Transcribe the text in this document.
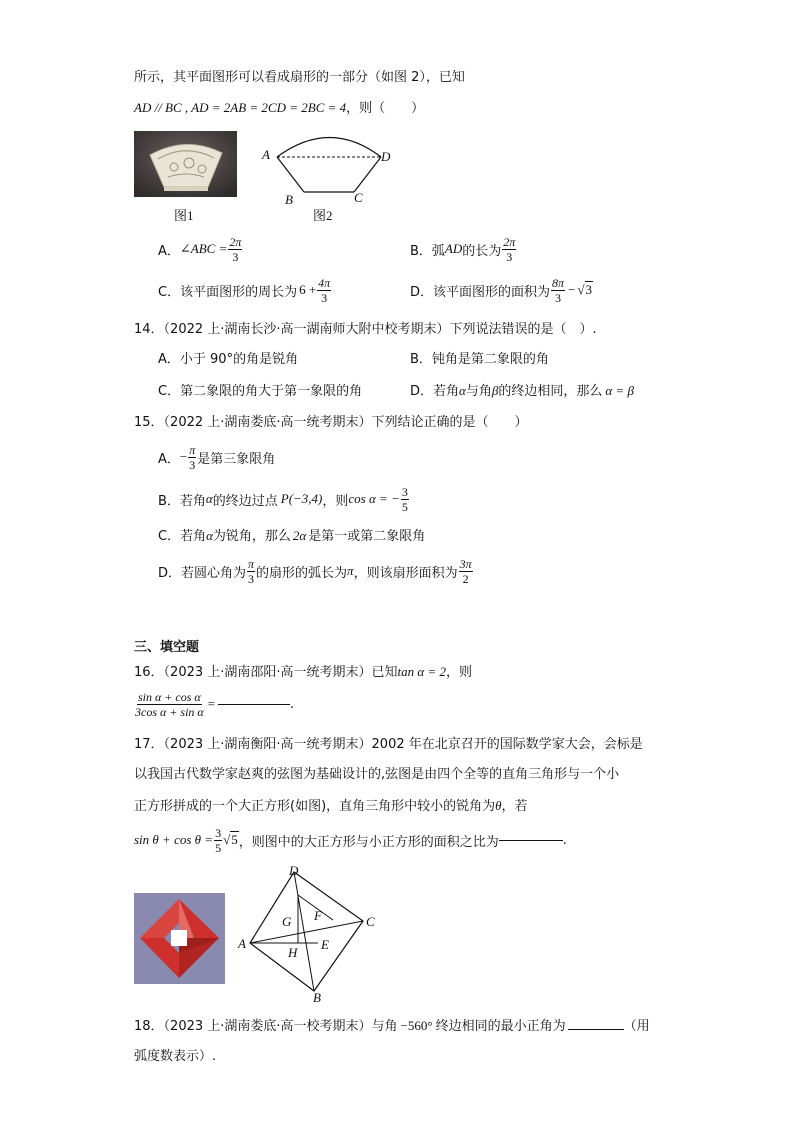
所示，其平面图形可以看成扇形的一部分（如图 2），已知
AD // BC , AD = 2AB = 2CD = 2BC = 4，则（　　）
图1
A	D
B	C
图2
A． ∠ABC = $\frac{2\pi}{3}$	B．弧 AD 的长为 $\frac{2\pi}{3}$
C．该平面图形的周长为 $6 + \frac{4\pi}{3}$	D．该平面图形的面积为 $\frac{8\pi}{3} - √3$
14．（2022 上·湖南长沙·高一湖南师大附中校考期末）下列说法错误的是（　）.
A．小于 90°的角是锐角	B．钝角是第二象限的角
C．第二象限的角大于第一象限的角	D．若角α与角β的终边相同，那么 α = β
15．（2022 上·湖南娄底·高一统考期末）下列结论正确的是（　　）
A． − $\frac{\pi}{3}$ 是第三象限角
B．若角 α 的终边过点 P(−3,4) ，则 cos α = − $\frac{3}{5}$
C．若角α为锐角，那么 2α 是第一或第二象限角
D．若圆心角为 $\frac{\pi}{3}$ 的扇形的弧长为 π ，则该扇形面积为 $\frac{3\pi}{2}$
三、填空题
16．（2023 上·湖南邵阳·高一统考期末）已知tan α = 2，则
$\frac{\text{sin α + cos α}}{\text{3cos α + sin α}}$ =	.
17．（2023 上·湖南衡阳·高一统考期末）2002 年在北京召开的国际数学家大会，会标是
以我国古代数学家赵爽的弦图为基础设计的,弦图是由四个全等的直角三角形与一个小
正方形拼成的一个大正方形(如图)，直角三角形中较小的锐角为θ，若
$\sin \theta + \cos \theta = \frac{3}{5} √5$ ，则图中的大正方形与小正方形的面积之比为	.
D
F
G	C
A	E
H
B
18．（2023 上·湖南娄底·高一校考期末）与角 −560° 终边相同的最小正角为	（用
弧度数表示）.
